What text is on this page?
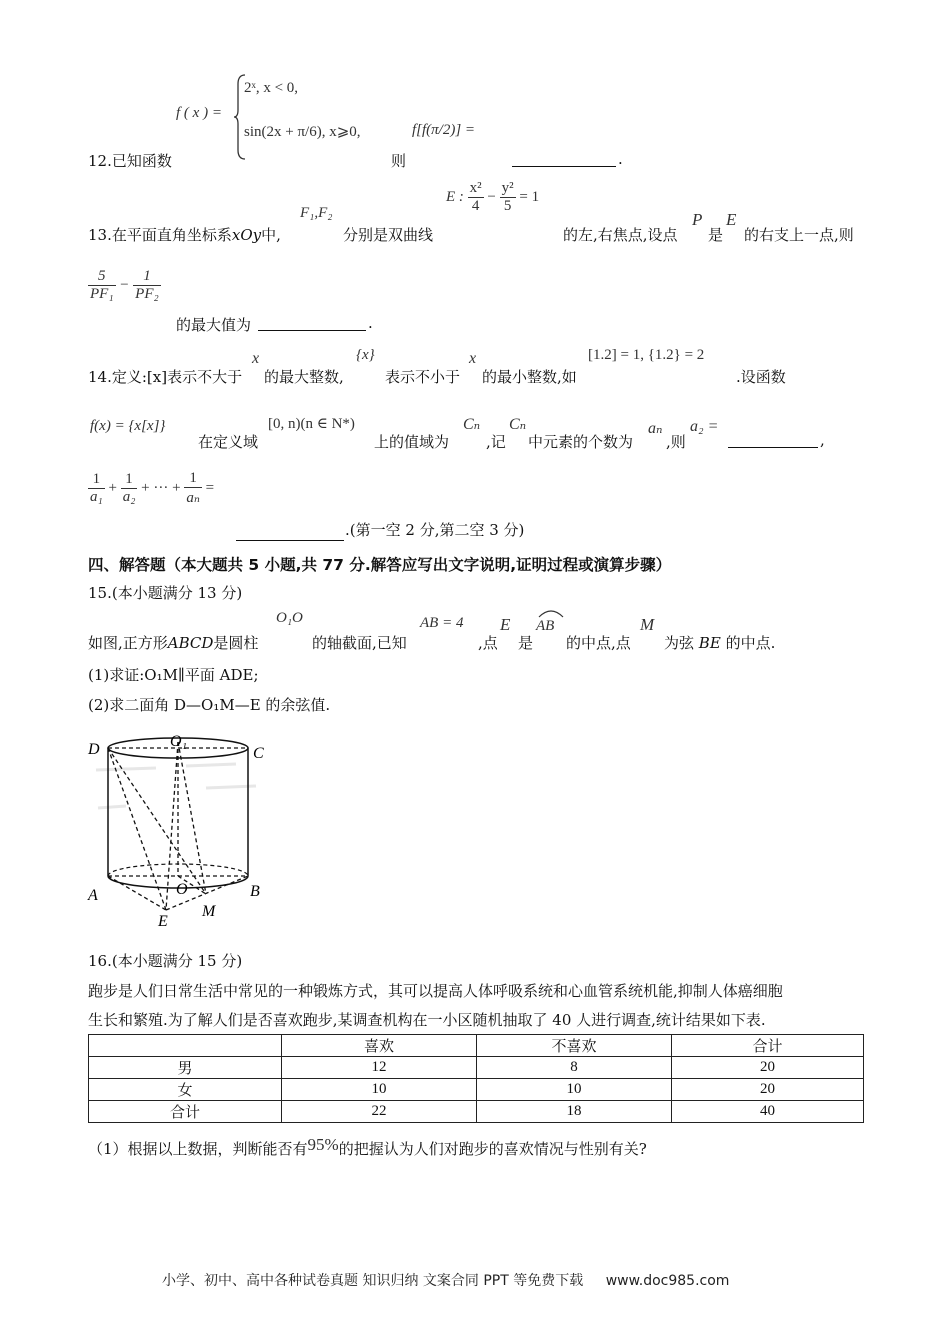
f ( x ) =
2ˣ, x < 0,
sin(2x + π/6), x⩾0,
12.已知函数	则
f[f(π/2)] =
.
13.在平面直角坐标系xOy中,
F₁,F₂
分别是双曲线
E : $\frac{\text{x²}}{4} - \frac{\text{y²}}{5} = 1$
的左,右焦点,设点
P
是
E
的右支上一点,则
$\frac{5}{\text{PF₁}} - \frac{1}{\text{PF₂}}$
的最大值为	.
14.定义:[x]表示不大于
x
的最大整数,
{x}
表示不小于
x
的最小整数,如
[1.2] = 1, {1.2} = 2
.设函数
f(x) = {x[x]}
在定义域
[0, n)(n ∈ N*)
上的值域为
Cₙ
,记
Cₙ
中元素的个数为
aₙ
,则
a₂ =
,
$\frac{1}{\text{a₁}} + \frac{1}{\text{a₂}}$ + ··· + $\frac{1}{\text{aₙ}}$ =
.(第一空 2 分,第二空 3 分)
四、解答题（本大题共 5 小题,共 77 分.解答应写出文字说明,证明过程或演算步骤）
15.(本小题满分 13 分)
如图,正方形ABCD是圆柱
O₁O
的轴截面,已知
AB = 4
,点
E
是
AB
的中点,点
M
为弦 BE 的中点.
(1)求证:O₁M∥平面 ADE;
(2)求二面角 D—O₁M—E 的余弦值.
D	O₁
C
A	O	B
E
M
16.(本小题满分 15 分)
跑步是人们日常生活中常见的一种锻炼方式，其可以提高人体呼吸系统和心血管系统机能,抑制人体癌细胞
生长和繁殖.为了解人们是否喜欢跑步,某调查机构在一小区随机抽取了 40 人进行调查,统计结果如下表.
	喜欢	不喜欢	合计
男	12	8	20
女	10	10	20
合计	22	18	40
（1）根据以上数据，判断能否有95%的把握认为人们对跑步的喜欢情况与性别有关?
小学、初中、高中各种试卷真题 知识归纳 文案合同 PPT 等免费下载 www.doc985.com
